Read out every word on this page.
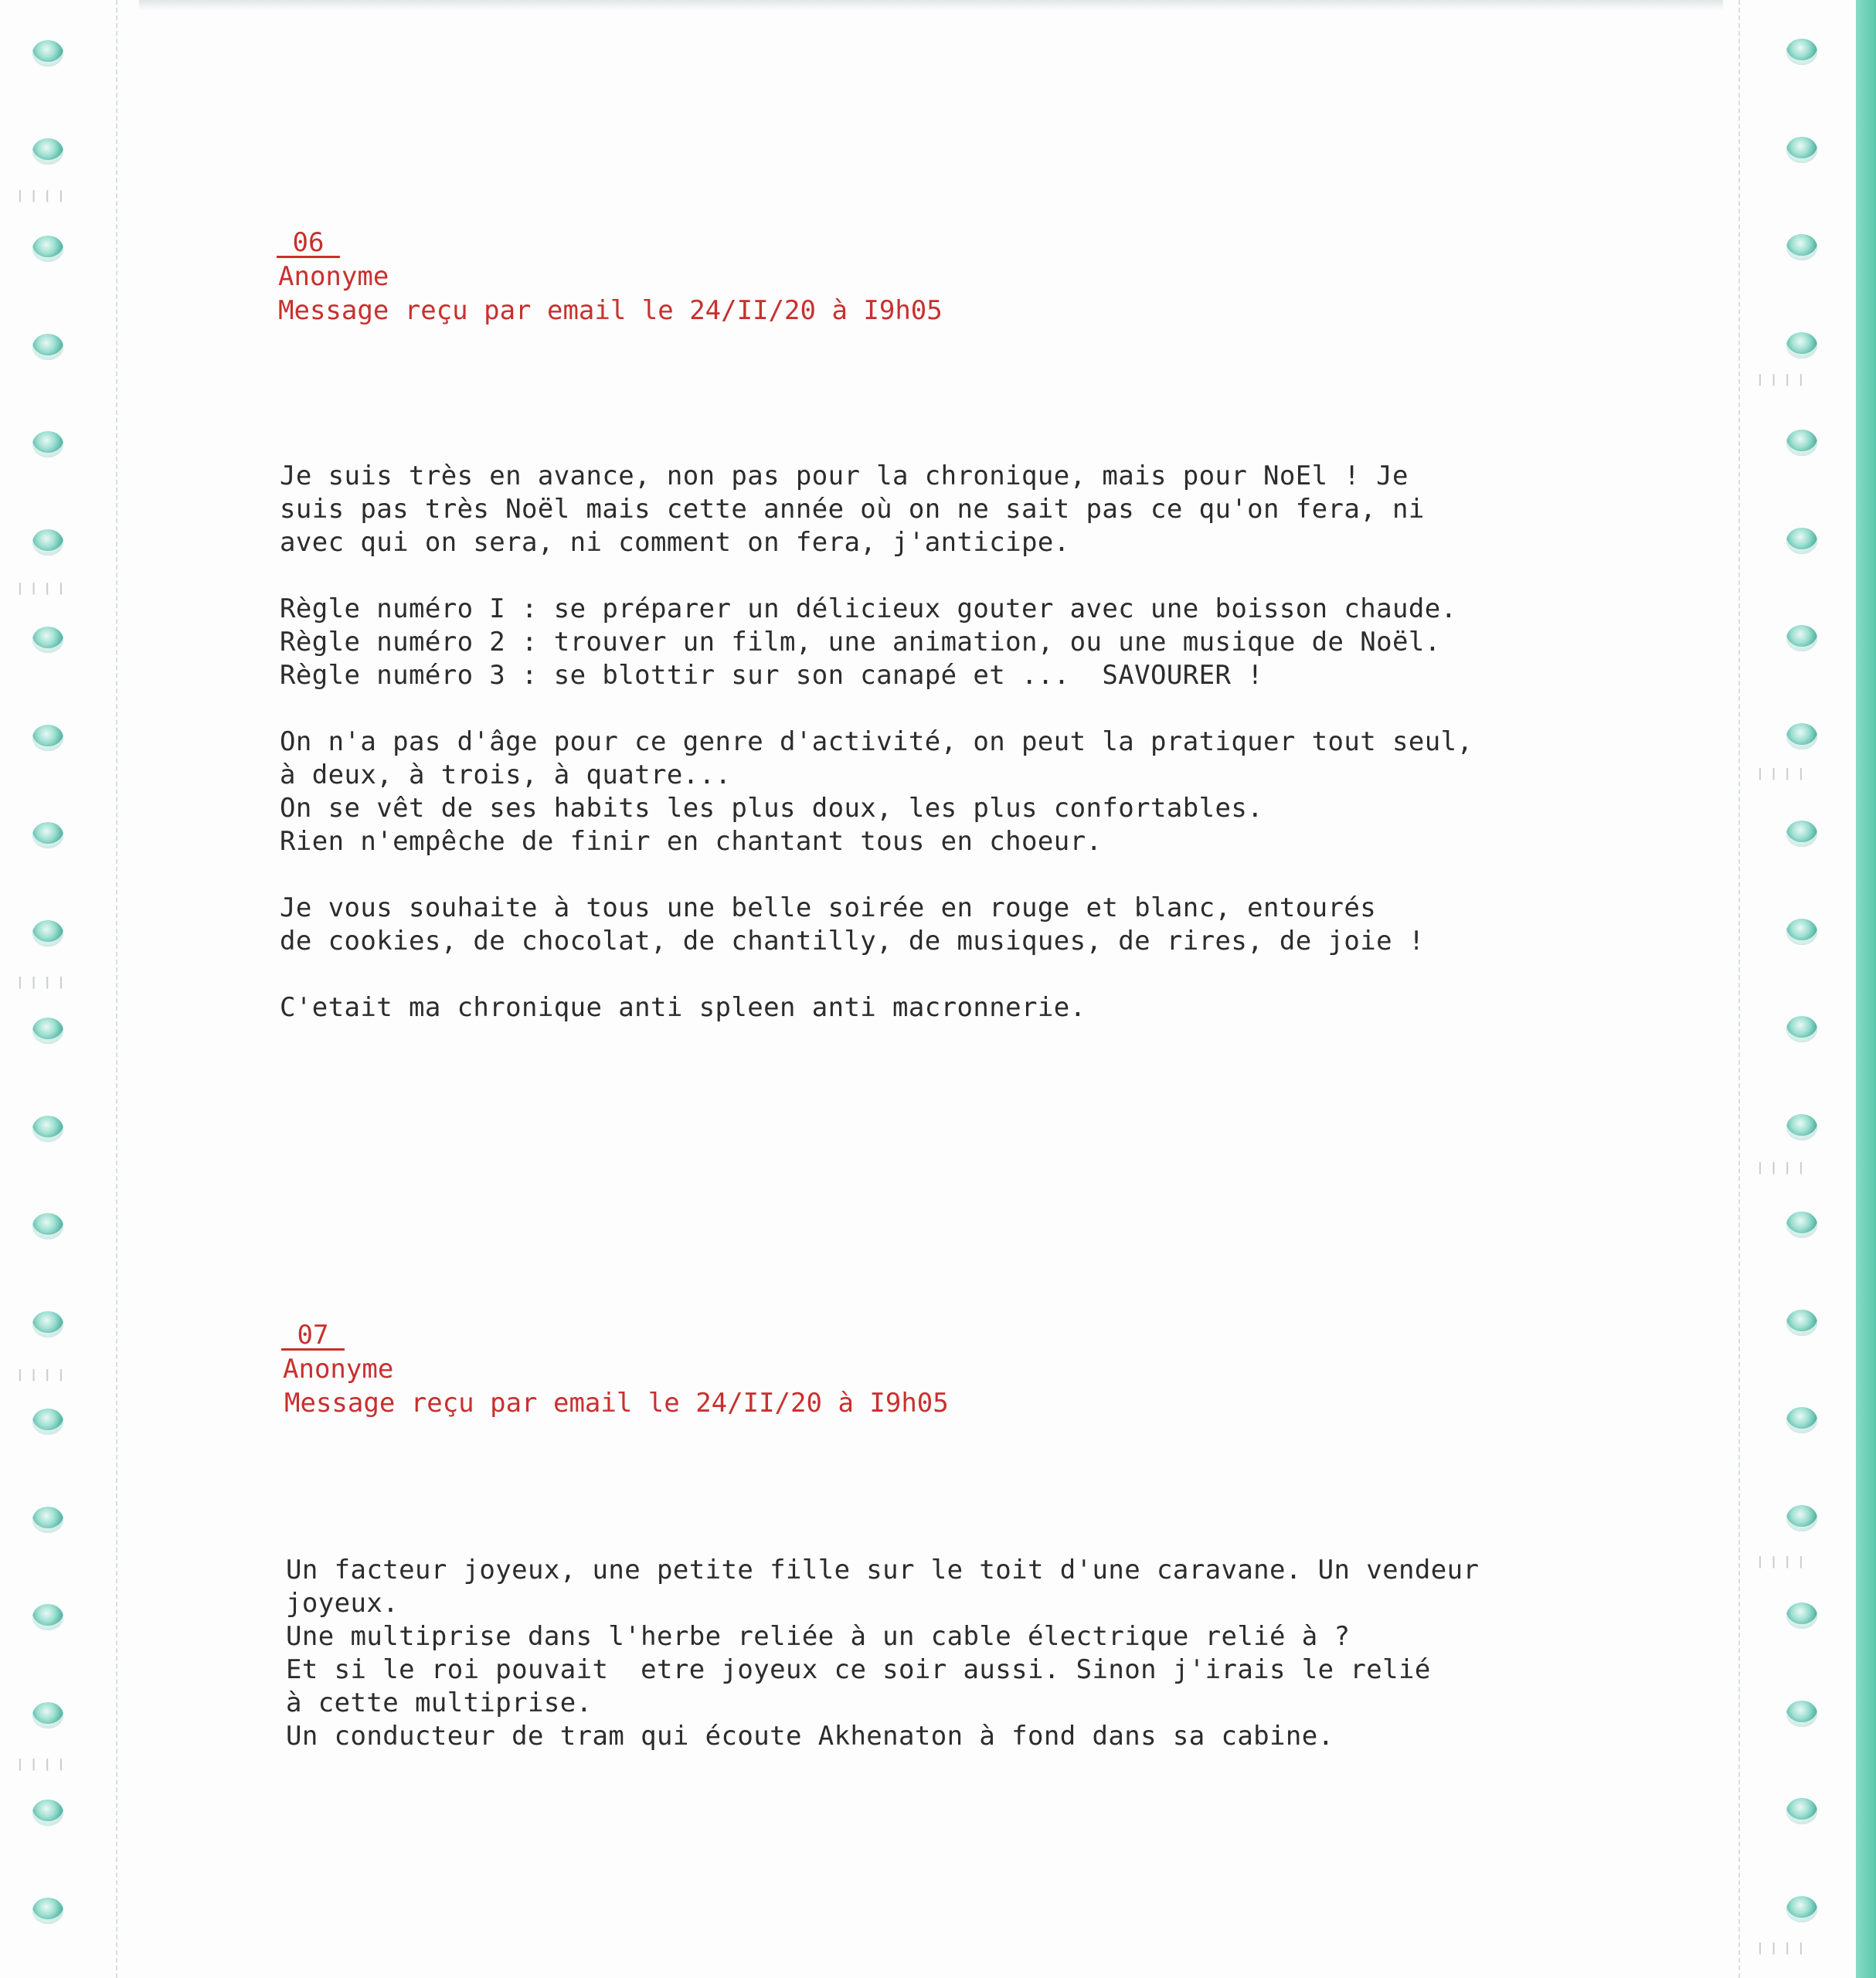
╷╷╷╷
╷╷╷╷
╷╷╷╷
╷╷╷╷
╷╷╷╷
╷╷╷╷
╷╷╷╷
╷╷╷╷
╷╷╷╷
╷╷╷╷
_06_
Anonyme
Message reçu par email le 24/II/20 à I9h05
Je suis très en avance, non pas pour la chronique, mais pour NoEl ! Je
suis pas très Noël mais cette année où on ne sait pas ce qu'on fera, ni
avec qui on sera, ni comment on fera, j'anticipe.
Règle numéro I : se préparer un délicieux gouter avec une boisson chaude.
Règle numéro 2 : trouver un film, une animation, ou une musique de Noël.
Règle numéro 3 : se blottir sur son canapé et ...  SAVOURER !
On n'a pas d'âge pour ce genre d'activité, on peut la pratiquer tout seul,
à deux, à trois, à quatre...
On se vêt de ses habits les plus doux, les plus confortables.
Rien n'empêche de finir en chantant tous en choeur.
Je vous souhaite à tous une belle soirée en rouge et blanc, entourés
de cookies, de chocolat, de chantilly, de musiques, de rires, de joie !
C'etait ma chronique anti spleen anti macronnerie.
_07_
Anonyme
Message reçu par email le 24/II/20 à I9h05
Un facteur joyeux, une petite fille sur le toit d'une caravane. Un vendeur
joyeux.
Une multiprise dans l'herbe reliée à un cable électrique relié à ?
Et si le roi pouvait  etre joyeux ce soir aussi. Sinon j'irais le relié
à cette multiprise.
Un conducteur de tram qui écoute Akhenaton à fond dans sa cabine.
